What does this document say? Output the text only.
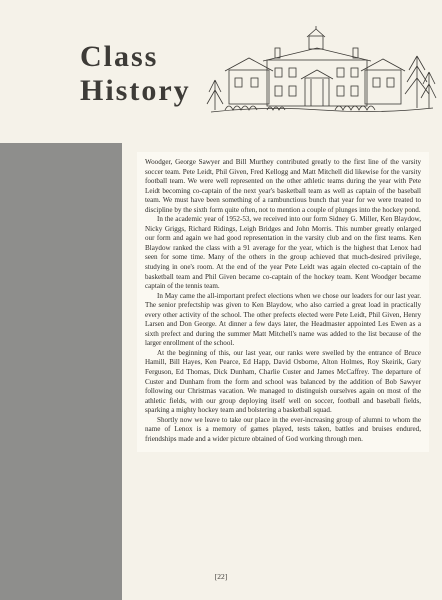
Class
History

Woodger, George Sawyer and Bill Murthey contributed greatly to the first line of the varsity soccer team. Pete Leidt, Phil Given, Fred Kellogg and Matt Mitchell did likewise for the varsity football team. We were well represented on the other athletic teams during the year with Pete Leidt becoming co-captain of the next year's basketball team as well as captain of the baseball team. We must have been something of a rambunctious bunch that year for we were treated to discipline by the sixth form quite often, not to mention a couple of plunges into the hockey pond.

In the academic year of 1952-53, we received into our form Sidney G. Miller, Ken Blaydow, Nicky Griggs, Richard Ridings, Leigh Bridges and John Morris. This number greatly enlarged our form and again we had good representation in the varsity club and on the first teams. Ken Blaydow ranked the class with a 91 average for the year, which is the highest that Lenox had seen for some time. Many of the others in the group achieved that much-desired privilege, studying in one's room. At the end of the year Pete Leidt was again elected co-captain of the basketball team and Phil Given became co-captain of the hockey team. Kent Woodger became captain of the tennis team.

In May came the all-important prefect elections when we chose our leaders for our last year. The senior prefectship was given to Ken Blaydow, who also carried a great load in practically every other activity of the school. The other prefects elected were Pete Leidt, Phil Given, Henry Larsen and Don George. At dinner a few days later, the Headmaster appointed Les Ewen as a sixth prefect and during the summer Matt Mitchell's name was added to the list because of the larger enrollment of the school.

At the beginning of this, our last year, our ranks were swelled by the entrance of Bruce Hamill, Bill Hayes, Ken Pearce, Ed Happ, David Osborne, Alton Holmes, Roy Skeirik, Gary Ferguson, Ed Thomas, Dick Dunham, Charlie Custer and James McCaffrey. The departure of Custer and Dunham from the form and school was balanced by the addition of Bob Sawyer following our Christmas vacation. We managed to distinguish ourselves again on most of the athletic fields, with our group deploying itself well on soccer, football and baseball fields, sparking a mighty hockey team and bolstering a basketball squad.

Shortly now we leave to take our place in the ever-increasing group of alumni to whom the name of Lenox is a memory of games played, tests taken, battles and bruises endured, friendships made and a wider picture obtained of God working through men.

[22]
